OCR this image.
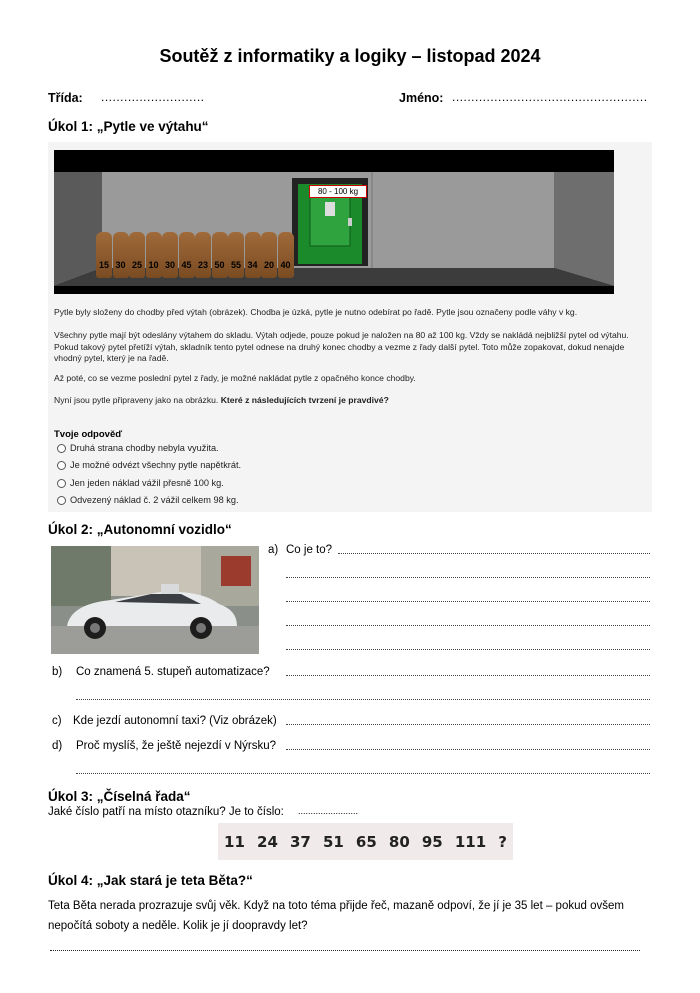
Soutěž z informatiky a logiky – listopad 2024
Třída: ...........................	Jméno: ...................................................
Úkol 1: „Pytle ve výtahu“
80 - 100 kg
15 30 25 10 30 45 23 50 55 34 20 40
Pytle byly složeny do chodby před výtah (obrázek). Chodba je úzká, pytle je nutno odebírat po řadě. Pytle jsou označeny podle váhy v kg.
Všechny pytle mají být odeslány výtahem do skladu. Výtah odjede, pouze pokud je naložen na 80 až 100 kg. Vždy se nakládá nejbližší pytel od výtahu. Pokud takový pytel přetíží výtah, skladník tento pytel odnese na druhý konec chodby a vezme z řady další pytel. Toto může zopakovat, dokud nenajde vhodný pytel, který je na řadě.
Až poté, co se vezme poslední pytel z řady, je možné nakládat pytle z opačného konce chodby.
Nyní jsou pytle připraveny jako na obrázku. Které z následujících tvrzení je pravdivé?
Tvoje odpověď
Druhá strana chodby nebyla využita.
Je možné odvézt všechny pytle napětkrát.
Jen jeden náklad vážil přesně 100 kg.
Odvezený náklad č. 2 vážil celkem 98 kg.
Úkol 2: „Autonomní vozidlo“
a) Co je to?
b) Co znamená 5. stupeň automatizace?
c) Kde jezdí autonomní taxi? (Viz obrázek)
d) Proč myslíš, že ještě nejezdí v Nýrsku?
Úkol 3: „Číselná řada“
Jaké číslo patří na místo otazníku? Je to číslo: ........................
11 24 37 51 65 80 95 111 ?
Úkol 4: „Jak stará je teta Běta?“
Teta Běta nerada prozrazuje svůj věk. Když na toto téma přijde řeč, mazaně odpoví, že jí je 35 let – pokud ovšem nepočítá soboty a neděle. Kolik je jí doopravdy let?
